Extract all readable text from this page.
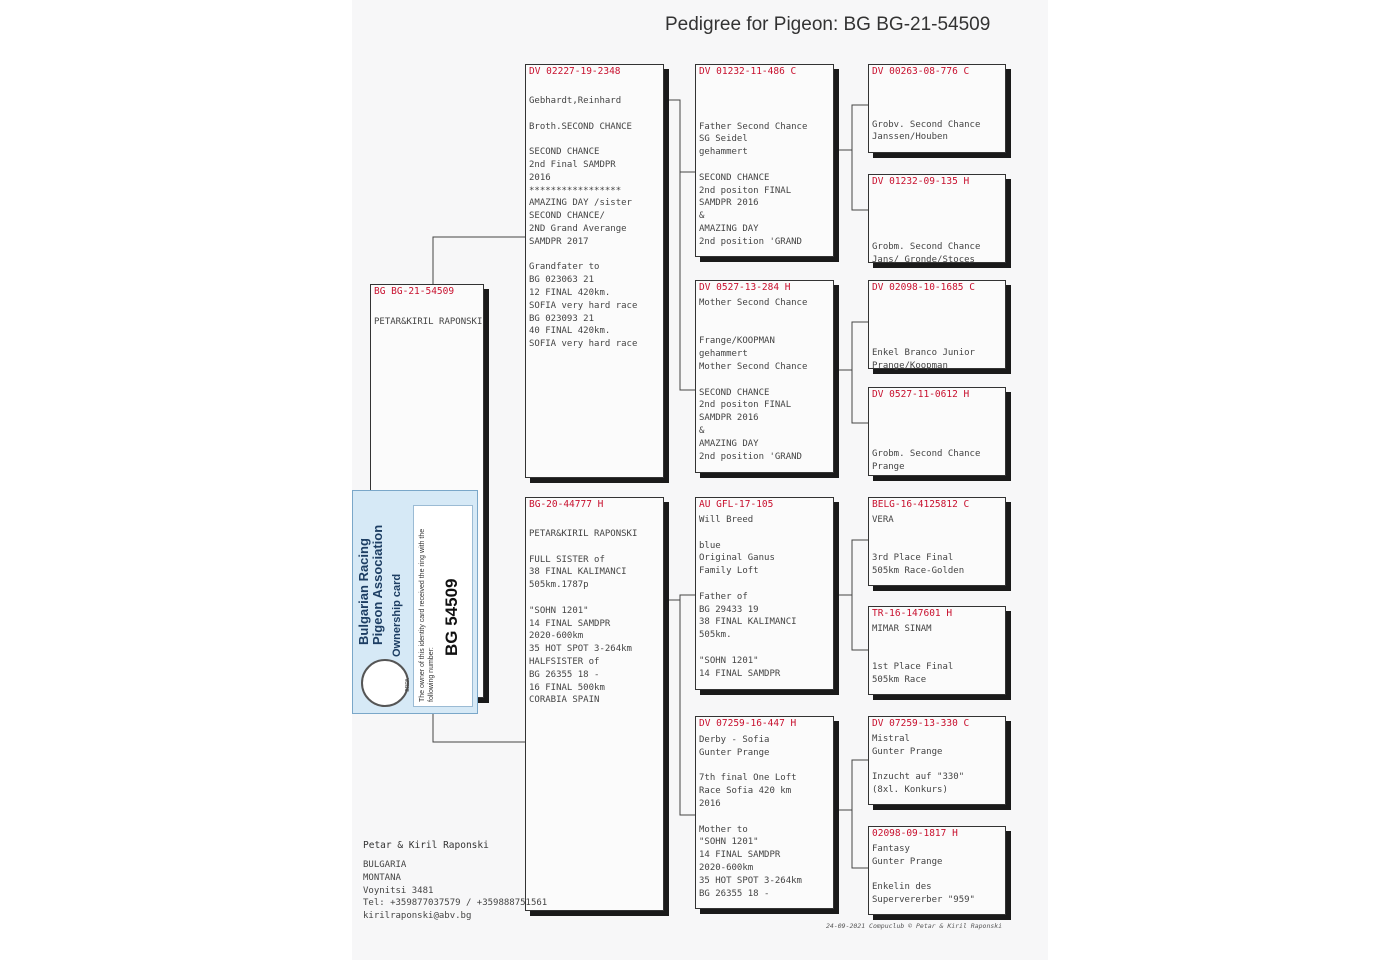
Pedigree for Pigeon: BG BG-21-54509
BG BG-21-54509
PETAR&KIRIL RAPONSKI
DV 02227-19-2348
Gebhardt,Reinhard

Broth.SECOND CHANCE

SECOND CHANCE
2nd Final SAMDPR
2016
*****************
AMAZING DAY /sister
SECOND CHANCE/
2ND Grand Averange
SAMDPR 2017

Grandfater to
BG 023063 21
12 FINAL 420km.
SOFIA very hard race
BG 023093 21
40 FINAL 420km.
SOFIA very hard race
BG-20-44777 H
PETAR&KIRIL RAPONSKI

FULL SISTER of
38 FINAL KALIMANCI
505km.1787p

"SOHN 1201"
14 FINAL SAMDPR
2020-600km
35 HOT SPOT 3-264km
HALFSISTER of
BG 26355 18 -
16 FINAL 500km
CORABIA SPAIN
DV 01232-11-486 C

Father Second Chance
SG Seidel
gehammert

SECOND CHANCE
2nd positon FINAL
SAMDPR 2016
&
AMAZING DAY
2nd position 'GRAND
DV 0527-13-284 H
Mother Second Chance

Frange/KOOPMAN
gehammert
Mother Second Chance

SECOND CHANCE
2nd positon FINAL
SAMDPR 2016
&
AMAZING DAY
2nd position 'GRAND
AU GFL-17-105
Will Breed

blue
Original Ganus
Family Loft

Father of
BG 29433 19
38 FINAL KALIMANCI
505km.

"SOHN 1201"
14 FINAL SAMDPR
DV 07259-16-447 H
Derby - Sofia
Gunter Prange

7th final One Loft
Race Sofia 420 km
2016

Mother to
"SOHN 1201"
14 FINAL SAMDPR
2020-600km
35 HOT SPOT 3-264km
BG 26355 18 -
DV 00263-08-776 C

Grobv. Second Chance
Janssen/Houben
DV 01232-09-135 H

Grobm. Second Chance
Jans/ Gronde/Stoces
DV 02098-10-1685 C

Enkel Branco Junior
Prange/Koopman
DV 0527-11-0612 H

Grobm. Second Chance
Prange
BELG-16-4125812 C
VERA

3rd Place Final
505km Race-Golden
TR-16-147601 H
MIMAR SINAM

1st Place Final
505km Race
DV 07259-13-330 C
Mistral
Gunter Prange

Inzucht auf "330"
(8xl. Konkurs)
02098-09-1817 H
Fantasy
Gunter Prange

Enkelin des
Supervererber "959"
Petar & Kiril Raponski
BULGARIA
MONTANA
Voynitsi 3481
Tel: +359877037579 / +359888751561
kirilraponski@abv.bg
24-09-2021 Compuclub © Petar & Kiril Raponski
BRPA
Bulgarian Racing Pigeon Association Ownership card The owner of this identity card received the ring with the following number:
BG 54509
